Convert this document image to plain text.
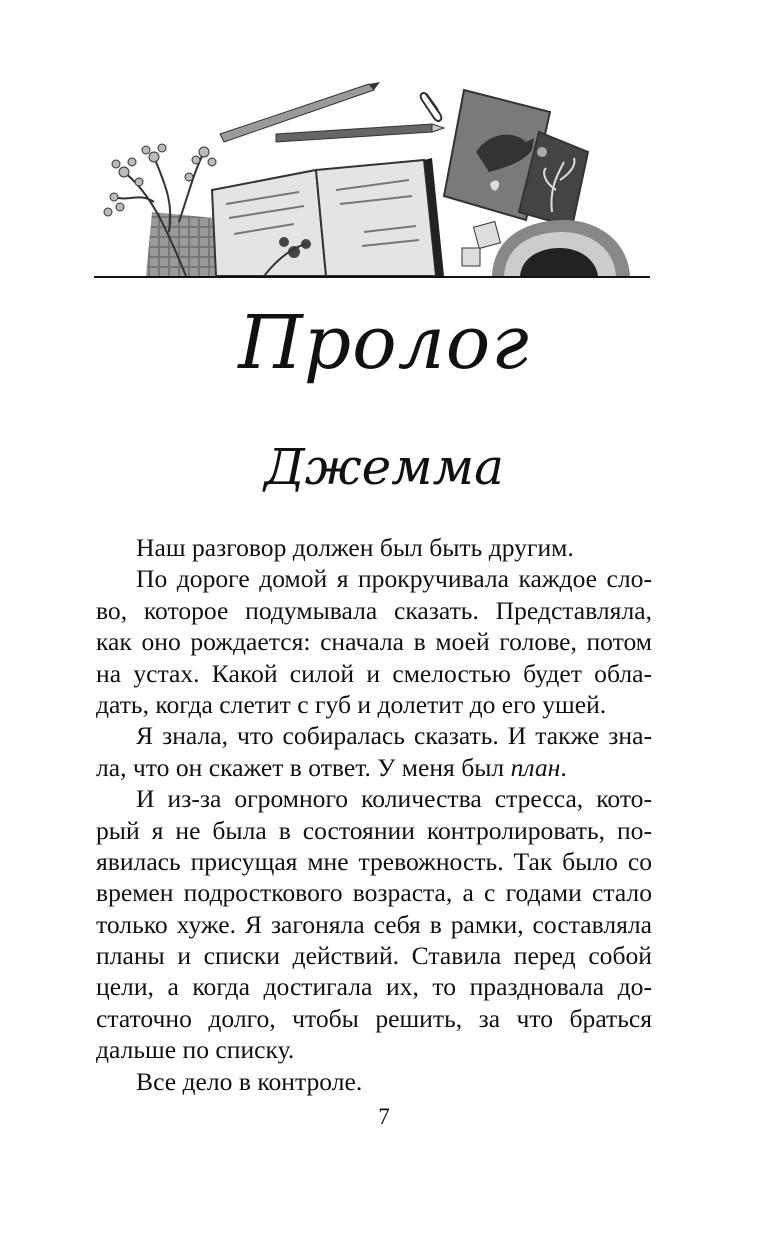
Пролог
Джемма
Наш разговор должен был быть другим.
По дороге домой я прокручивала каждое сло-
во, которое подумывала сказать. Представляла,
как оно рождается: сначала в моей голове, потом
на устах. Какой силой и смелостью будет обла-
дать, когда слетит с губ и долетит до его ушей.
Я знала, что собиралась сказать. И также зна-
ла, что он скажет в ответ. У меня был план.
И из-за огромного количества стресса, кото-
рый я не была в состоянии контролировать, по-
явилась присущая мне тревожность. Так было со
времен подросткового возраста, а с годами стало
только хуже. Я загоняла себя в рамки, составляла
планы и списки действий. Ставила перед собой
цели, а когда достигала их, то праздновала до-
статочно долго, чтобы решить, за что браться
дальше по списку.
Все дело в контроле.
7
